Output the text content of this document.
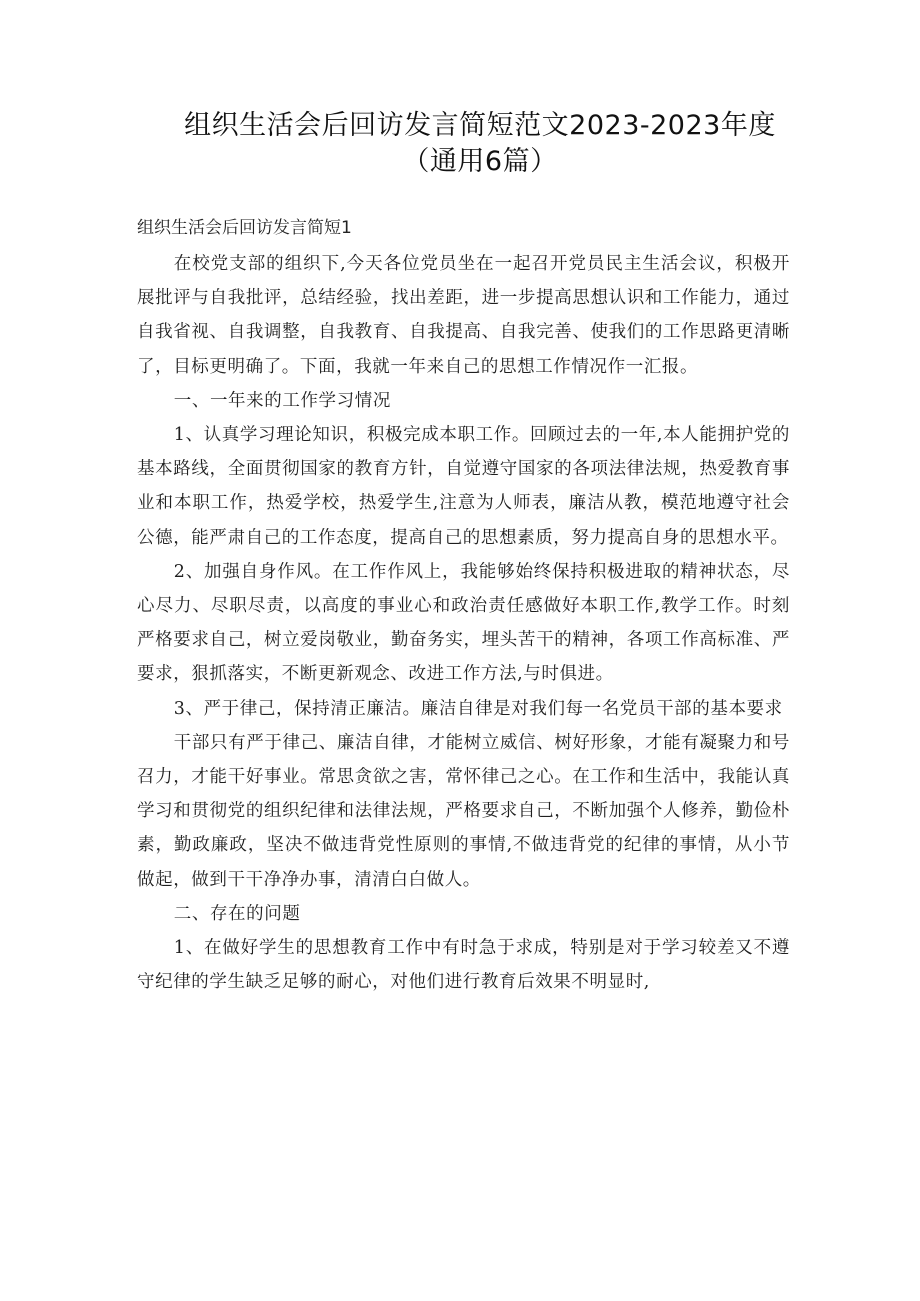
组织生活会后回访发言简短范文2023-2023年度（通用6篇）
组织生活会后回访发言简短1

在校党支部的组织下,今天各位党员坐在一起召开党员民主生活会议，积极开展批评与自我批评，总结经验，找出差距，进一步提高思想认识和工作能力，通过自我省视、自我调整，自我教育、自我提高、自我完善、使我们的工作思路更清晰了，目标更明确了。下面，我就一年来自己的思想工作情况作一汇报。

一、一年来的工作学习情况

1、认真学习理论知识，积极完成本职工作。回顾过去的一年,本人能拥护党的基本路线，全面贯彻国家的教育方针，自觉遵守国家的各项法律法规，热爱教育事业和本职工作，热爱学校，热爱学生,注意为人师表，廉洁从教，模范地遵守社会公德，能严肃自己的工作态度，提高自己的思想素质，努力提高自身的思想水平。

2、加强自身作风。在工作作风上，我能够始终保持积极进取的精神状态，尽心尽力、尽职尽责，以高度的事业心和政治责任感做好本职工作,教学工作。时刻严格要求自己，树立爱岗敬业，勤奋务实，埋头苦干的精神，各项工作高标准、严要求，狠抓落实，不断更新观念、改进工作方法,与时俱进。

3、严于律己，保持清正廉洁。廉洁自律是对我们每一名党员干部的基本要求

干部只有严于律己、廉洁自律，才能树立威信、树好形象，才能有凝聚力和号召力，才能干好事业。常思贪欲之害，常怀律己之心。在工作和生活中，我能认真学习和贯彻党的组织纪律和法律法规，严格要求自己，不断加强个人修养，勤俭朴素，勤政廉政，坚决不做违背党性原则的事情,不做违背党的纪律的事情，从小节做起，做到干干净净办事，清清白白做人。

二、存在的问题

1、在做好学生的思想教育工作中有时急于求成，特别是对于学习较差又不遵守纪律的学生缺乏足够的耐心，对他们进行教育后效果不明显时,
